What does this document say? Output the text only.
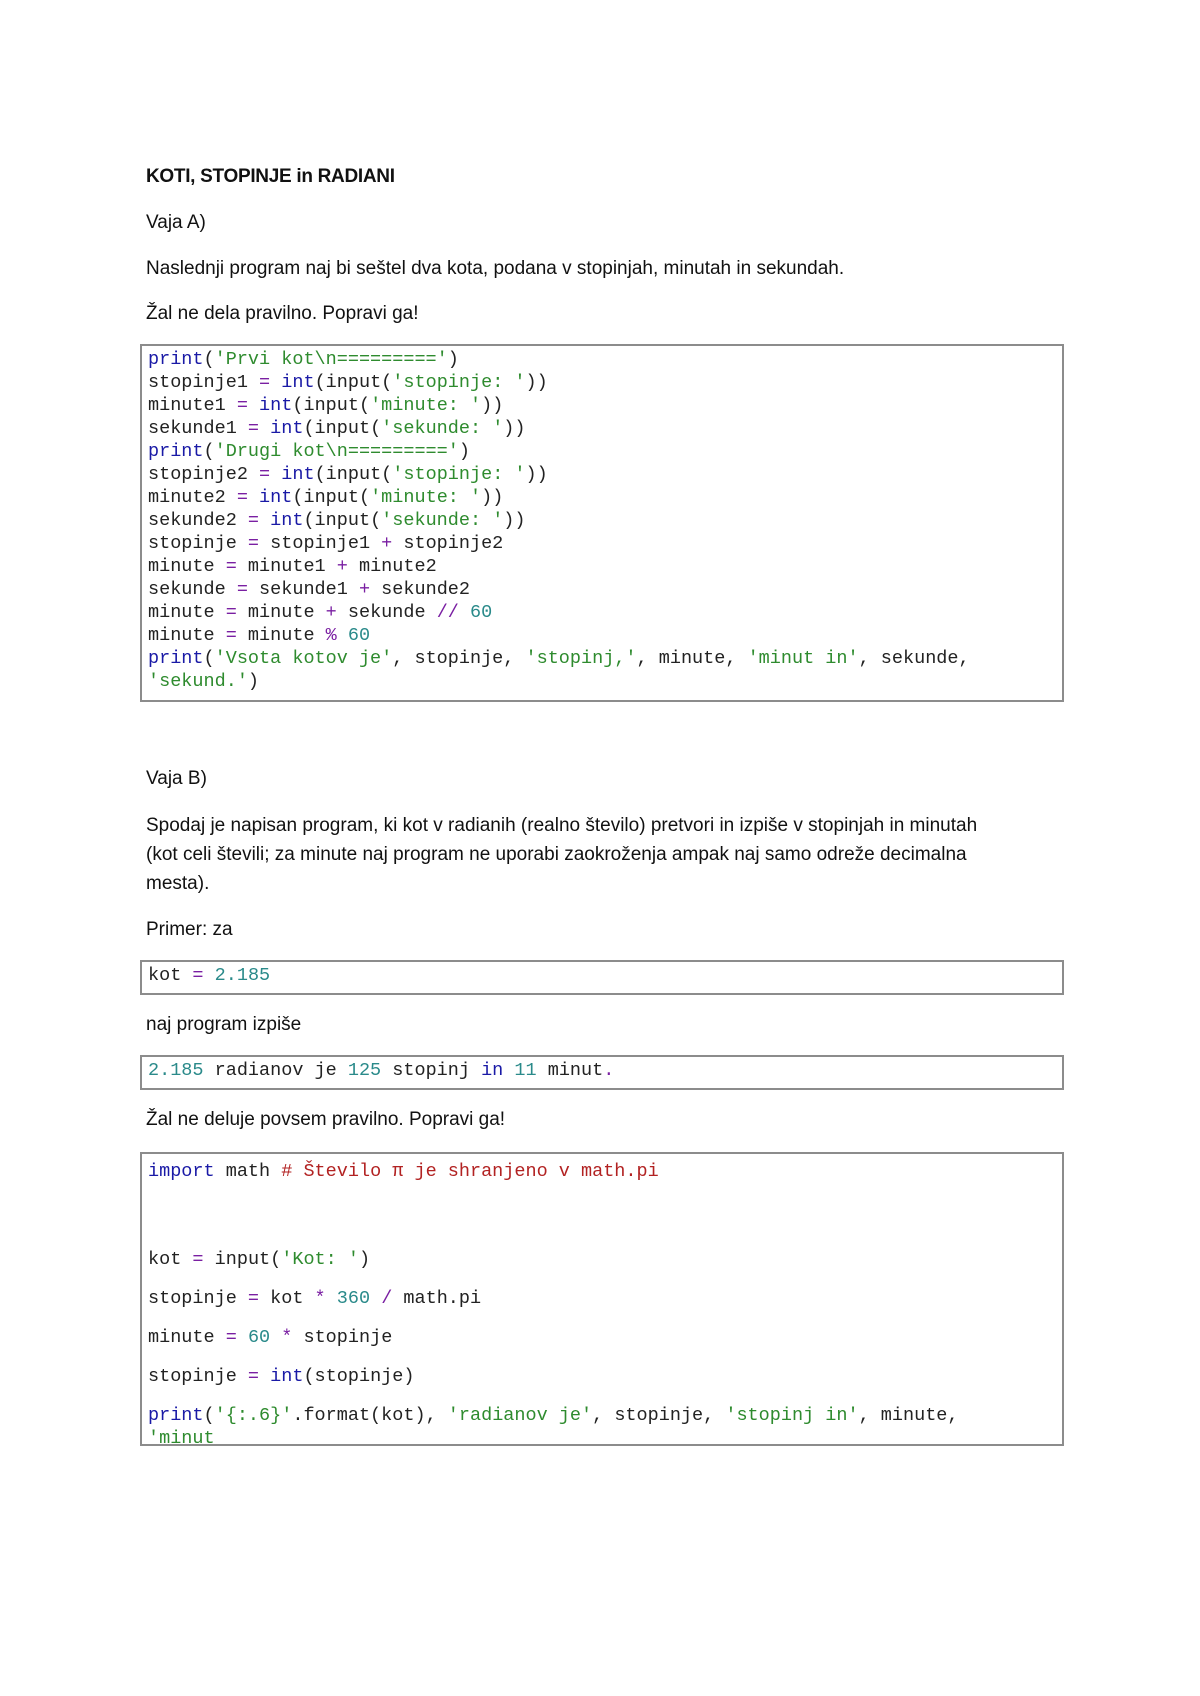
KOTI, STOPINJE in RADIANI

Vaja A)

Naslednji program naj bi seštel dva kota, podana v stopinjah, minutah in sekundah.

Žal ne dela pravilno. Popravi ga!

print('Prvi kot\n=========')
stopinje1 = int(input('stopinje: '))
minute1 = int(input('minute: '))
sekunde1 = int(input('sekunde: '))
print('Drugi kot\n=========')
stopinje2 = int(input('stopinje: '))
minute2 = int(input('minute: '))
sekunde2 = int(input('sekunde: '))
stopinje = stopinje1 + stopinje2
minute = minute1 + minute2
sekunde = sekunde1 + sekunde2
minute = minute + sekunde // 60
minute = minute % 60
print('Vsota kotov je', stopinje, 'stopinj,', minute, 'minut in', sekunde,
'sekund.')

Vaja B)

Spodaj je napisan program, ki kot v radianih (realno število) pretvori in izpiše v stopinjah in minutah

(kot celi števili; za minute naj program ne uporabi zaokroženja ampak naj samo odreže decimalna

mesta).

Primer: za

kot = 2.185

naj program izpiše

2.185 radianov je 125 stopinj in 11 minut.

Žal ne deluje povsem pravilno. Popravi ga!

import math # Število π je shranjeno v math.pi

kot = input('Kot: ')
stopinje = kot * 360 / math.pi
minute = 60 * stopinje
stopinje = int(stopinje)
print('{:.6}'.format(kot), 'radianov je', stopinje, 'stopinj in', minute,
'minut
